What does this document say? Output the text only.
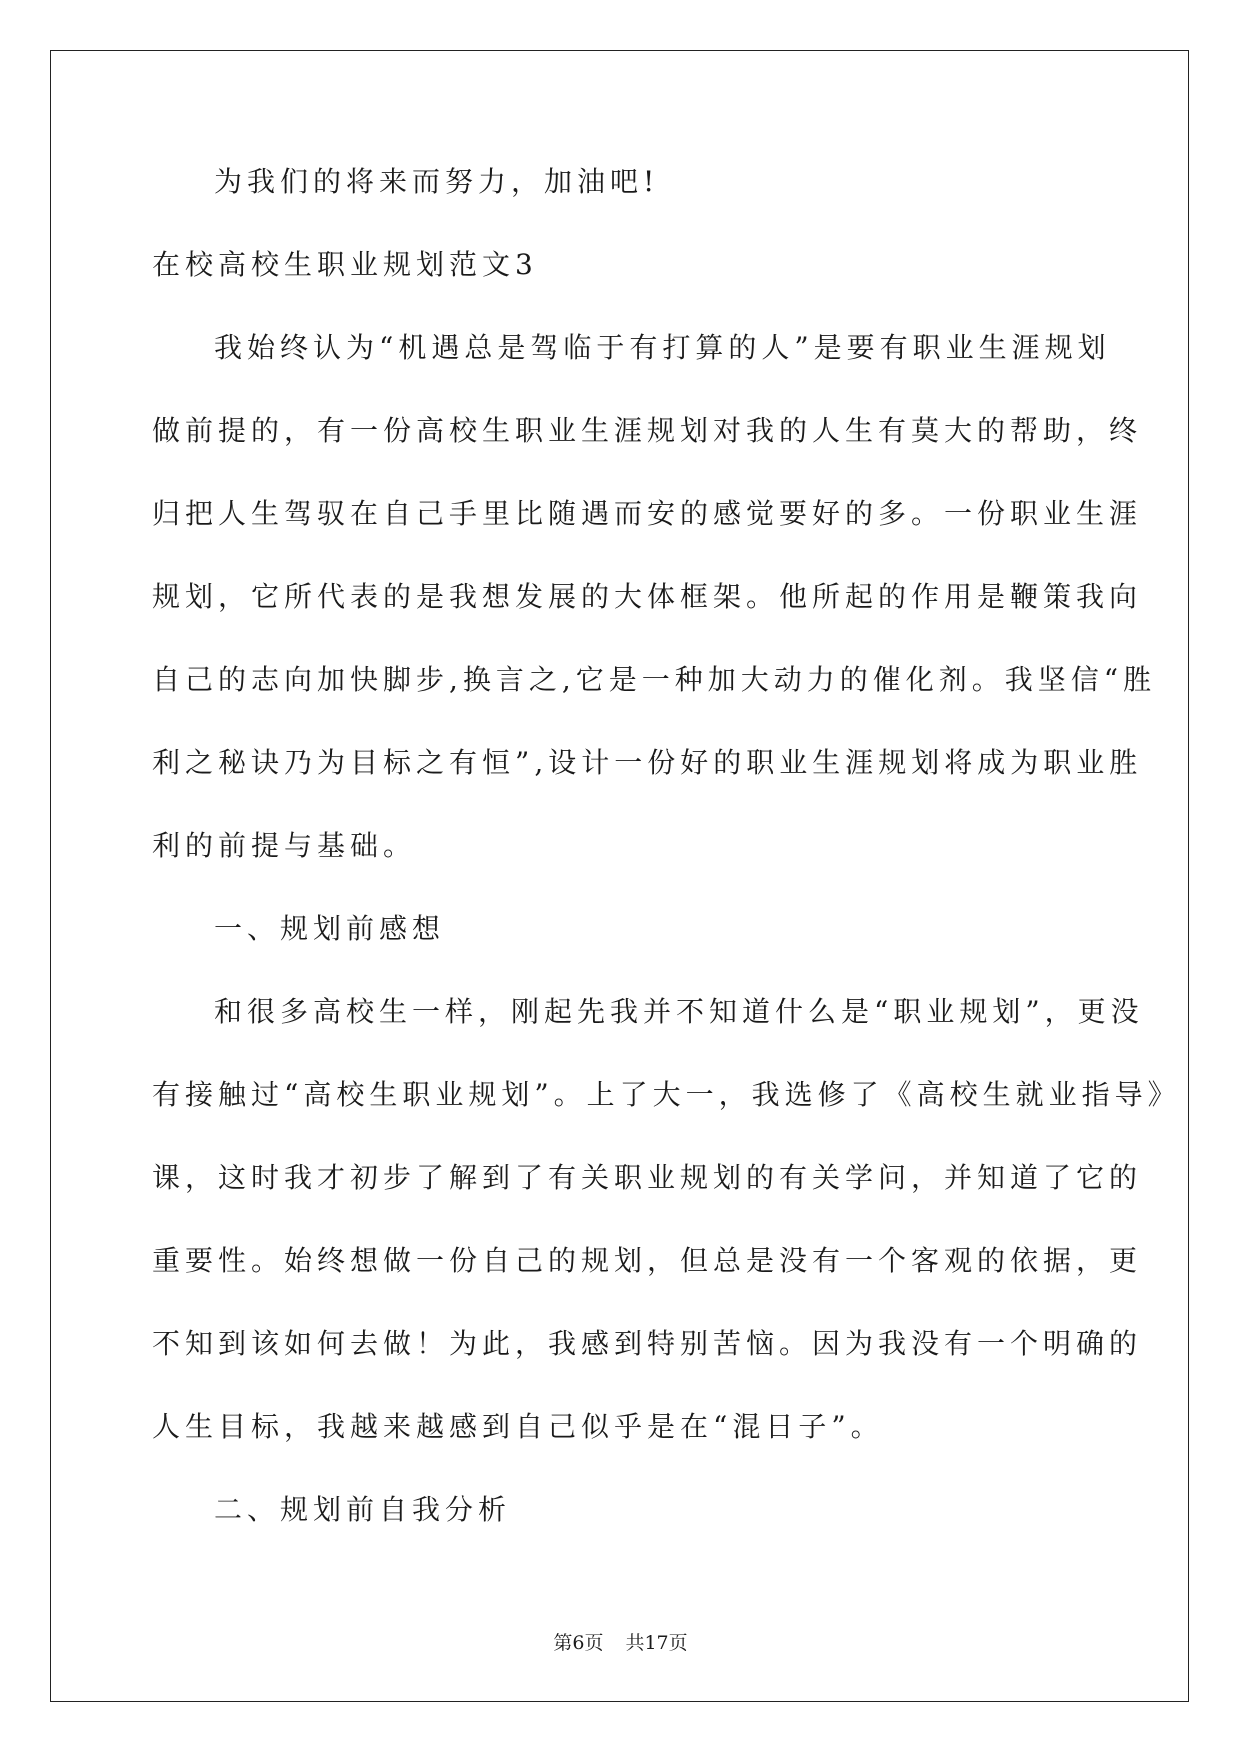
为我们的将来而努力，加油吧!
在校高校生职业规划范文3
我始终认为“机遇总是驾临于有打算的人”是要有职业生涯规划
做前提的，有一份高校生职业生涯规划对我的人生有莫大的帮助，终
归把人生驾驭在自己手里比随遇而安的感觉要好的多。一份职业生涯
规划，它所代表的是我想发展的大体框架。他所起的作用是鞭策我向
自己的志向加快脚步,换言之,它是一种加大动力的催化剂。我坚信“胜
利之秘诀乃为目标之有恒”,设计一份好的职业生涯规划将成为职业胜
利的前提与基础。
一、规划前感想
和很多高校生一样，刚起先我并不知道什么是“职业规划”，更没
有接触过“高校生职业规划”。上了大一，我选修了《高校生就业指导》
课，这时我才初步了解到了有关职业规划的有关学问，并知道了它的
重要性。始终想做一份自己的规划，但总是没有一个客观的依据，更
不知到该如何去做！为此，我感到特别苦恼。因为我没有一个明确的
人生目标，我越来越感到自己似乎是在“混日子”。
二、规划前自我分析
第6页 共17页
